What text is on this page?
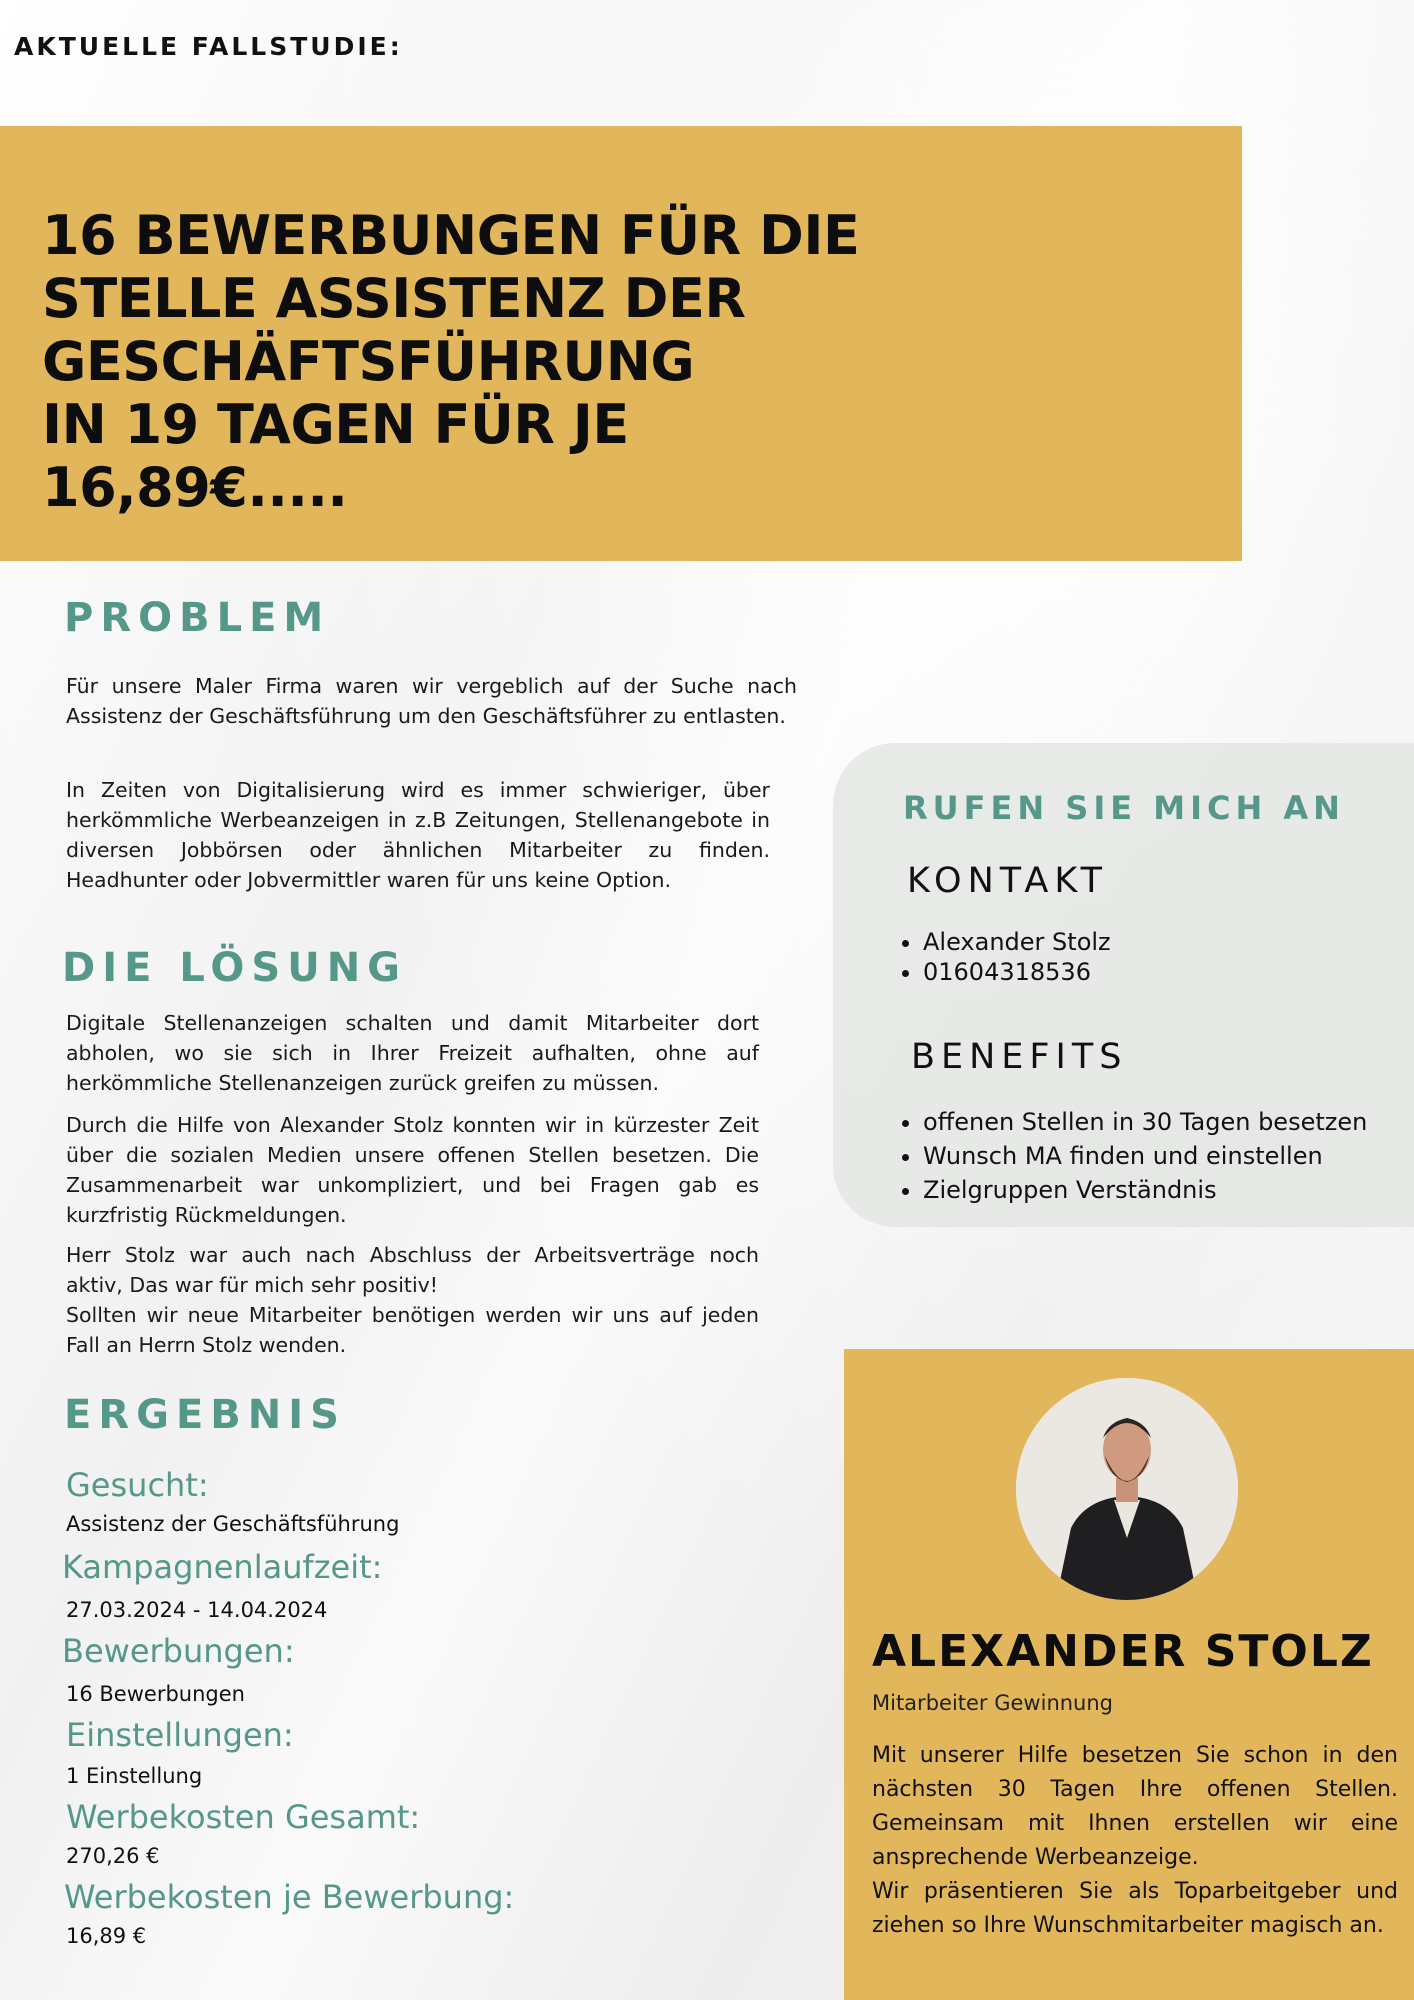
AKTUELLE FALLSTUDIE:
16 BEWERBUNGEN FÜR DIE
STELLE ASSISTENZ DER
GESCHÄFTSFÜHRUNG
IN 19 TAGEN FÜR JE
16,89€.....
PROBLEM

Für unsere Maler Firma waren wir vergeblich auf der Suche nach Assistenz der Geschäftsführung um den Geschäftsführer zu entlasten.

In Zeiten von Digitalisierung wird es immer schwieriger, über herkömmliche Werbeanzeigen in z.B Zeitungen, Stellenangebote in diversen Jobbörsen oder ähnlichen Mitarbeiter zu finden. Headhunter oder Jobvermittler waren für uns keine Option.

DIE LÖSUNG

Digitale Stellenanzeigen schalten und damit Mitarbeiter dort abholen, wo sie sich in Ihrer Freizeit aufhalten, ohne auf herkömmliche Stellenanzeigen zurück greifen zu müssen.

Durch die Hilfe von Alexander Stolz konnten wir in kürzester Zeit über die sozialen Medien unsere offenen Stellen besetzen. Die Zusammenarbeit war unkompliziert, und bei Fragen gab es kurzfristig Rückmeldungen.

Herr Stolz war auch nach Abschluss der Arbeitsverträge noch aktiv, Das war für mich sehr positiv!

Sollten wir neue Mitarbeiter benötigen werden wir uns auf jeden Fall an Herrn Stolz wenden.

ERGEBNIS
Gesucht:
Assistenz der Geschäftsführung
Kampagnenlaufzeit:
27.03.2024 - 14.04.2024
Bewerbungen:
16 Bewerbungen
Einstellungen:
1 Einstellung
Werbekosten Gesamt:
270,26 €
Werbekosten je Bewerbung:
16,89 €
RUFEN SIE MICH AN
KONTAKT
• Alexander Stolz
• 01604318536
BENEFITS
• offenen Stellen in 30 Tagen besetzen
• Wunsch MA finden und einstellen
• Zielgruppen Verständnis
ALEXANDER STOLZ
Mitarbeiter Gewinnung
Mit unserer Hilfe besetzen Sie schon in den nächsten 30 Tagen Ihre offenen Stellen. Gemeinsam mit Ihnen erstellen wir eine ansprechende Werbeanzeige.
Wir präsentieren Sie als Toparbeitgeber und ziehen so Ihre Wunschmitarbeiter magisch an.
